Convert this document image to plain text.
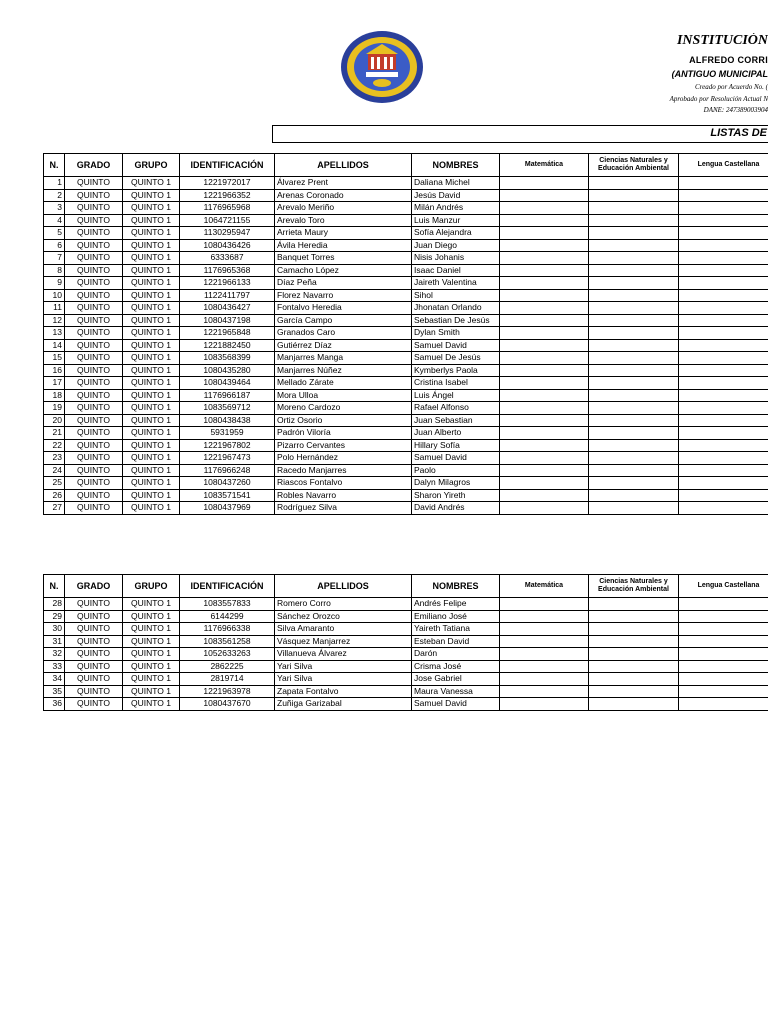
INSTITUCIÓN
ALFREDO CORRI
(ANTIGUO MUNICIPAL
Creado por Acuerdo No. (
Aprobado por Resolución Actual N
DANE: 247389003904
LISTAS DE
N.	GRADO	GRUPO	IDENTIFICACIÓN	APELLIDOS	NOMBRES	Matemática	Ciencias Naturales y Educación Ambiental	Lengua Castellana
1	QUINTO	QUINTO 1	1221972017	Álvarez Prent	Daliana Michel			
2	QUINTO	QUINTO 1	1221966352	Arenas Coronado	Jesús David			
3	QUINTO	QUINTO 1	1176965968	Arevalo Meriño	Milán Andrés			
4	QUINTO	QUINTO 1	1064721155	Arevalo Toro	Luis Manzur			
5	QUINTO	QUINTO 1	1130295947	Arrieta Maury	Sofía Alejandra			
6	QUINTO	QUINTO 1	1080436426	Ávila Heredia	Juan Diego			
7	QUINTO	QUINTO 1	6333687	Banquet Torres	Nisis Johanis			
8	QUINTO	QUINTO 1	1176965368	Camacho López	Isaac Daniel			
9	QUINTO	QUINTO 1	1221966133	Díaz Peña	Jaireth Valentina			
10	QUINTO	QUINTO 1	1122411797	Florez Navarro	Sihol			
11	QUINTO	QUINTO 1	1080436427	Fontalvo Heredia	Jhonatan Orlando			
12	QUINTO	QUINTO 1	1080437198	García Campo	Sebastian De Jesús			
13	QUINTO	QUINTO 1	1221965848	Granados Caro	Dylan Smith			
14	QUINTO	QUINTO 1	1221882450	Gutiérrez Díaz	Samuel David			
15	QUINTO	QUINTO 1	1083568399	Manjarres Manga	Samuel De Jesús			
16	QUINTO	QUINTO 1	1080435280	Manjarres Núñez	Kymberlys Paola			
17	QUINTO	QUINTO 1	1080439464	Mellado Zárate	Cristina Isabel			
18	QUINTO	QUINTO 1	1176966187	Mora Ulloa	Luis Ángel			
19	QUINTO	QUINTO 1	1083569712	Moreno Cardozo	Rafael Alfonso			
20	QUINTO	QUINTO 1	1080438438	Ortiz Osorio	Juan Sebastian			
21	QUINTO	QUINTO 1	5931959	Padrón Viloría	Juan Alberto			
22	QUINTO	QUINTO 1	1221967802	Pizarro Cervantes	Hillary Sofía			
23	QUINTO	QUINTO 1	1221967473	Polo Hernández	Samuel David			
24	QUINTO	QUINTO 1	1176966248	Racedo Manjarres	Paolo			
25	QUINTO	QUINTO 1	1080437260	Riascos Fontalvo	Dalyn Milagros			
26	QUINTO	QUINTO 1	1083571541	Robles Navarro	Sharon Yireth			
27	QUINTO	QUINTO 1	1080437969	Rodríguez Silva	David Andrés			
N.	GRADO	GRUPO	IDENTIFICACIÓN	APELLIDOS	NOMBRES	Matemática	Ciencias Naturales y Educación Ambiental	Lengua Castellana
28	QUINTO	QUINTO 1	1083557833	Romero Corro	Andrés Felipe			
29	QUINTO	QUINTO 1	6144299	Sánchez Orozco	Emiliano José			
30	QUINTO	QUINTO 1	1176966338	Silva Amaranto	Yaireth Tatiana			
31	QUINTO	QUINTO 1	1083561258	Vásquez Manjarrez	Esteban David			
32	QUINTO	QUINTO 1	1052633263	Villanueva Álvarez	Darón			
33	QUINTO	QUINTO 1	2862225	Yari Silva	Crisma José			
34	QUINTO	QUINTO 1	2819714	Yari Silva	Jose Gabriel			
35	QUINTO	QUINTO 1	1221963978	Zapata Fontalvo	Maura Vanessa			
36	QUINTO	QUINTO 1	1080437670	Zuñiga Garizabal	Samuel David			
